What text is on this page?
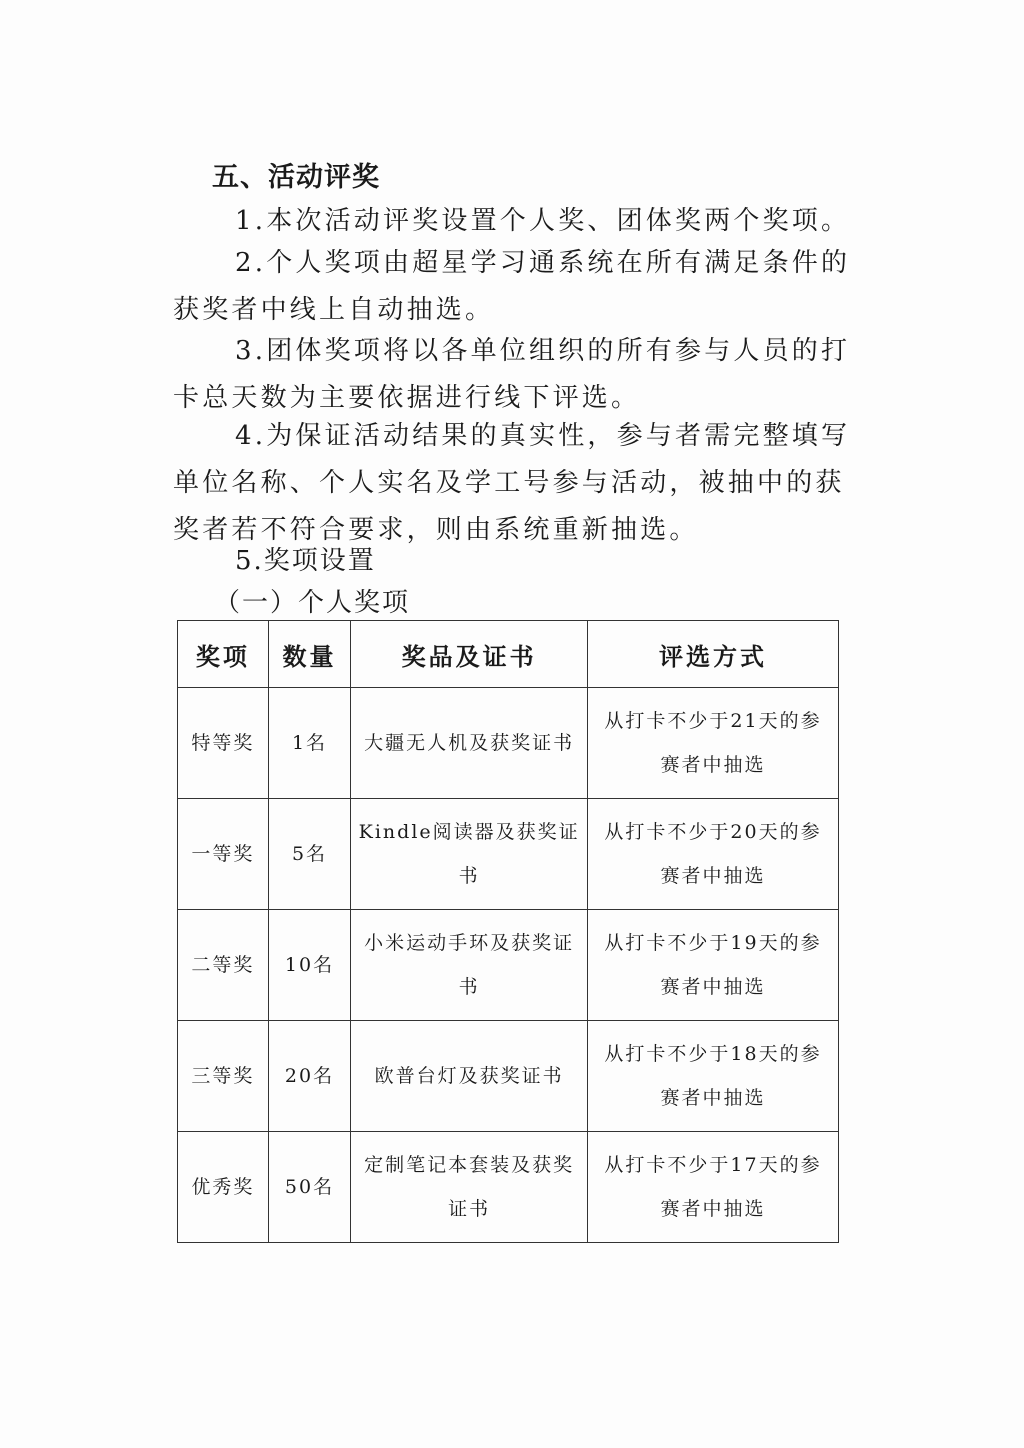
五、活动评奖
1.本次活动评奖设置个人奖、团体奖两个奖项。
2.个人奖项由超星学习通系统在所有满足条件的获奖者中线上自动抽选。
3.团体奖项将以各单位组织的所有参与人员的打卡总天数为主要依据进行线下评选。
4.为保证活动结果的真实性，参与者需完整填写单位名称、个人实名及学工号参与活动，被抽中的获奖者若不符合要求，则由系统重新抽选。
5.奖项设置
（一）个人奖项
奖项	数量	奖品及证书	评选方式
特等奖	1名	大疆无人机及获奖证书	从打卡不少于21天的参赛者中抽选
一等奖	5名	Kindle阅读器及获奖证书	从打卡不少于20天的参赛者中抽选
二等奖	10名	小米运动手环及获奖证书	从打卡不少于19天的参赛者中抽选
三等奖	20名	欧普台灯及获奖证书	从打卡不少于18天的参赛者中抽选
优秀奖	50名	定制笔记本套装及获奖证书	从打卡不少于17天的参赛者中抽选
